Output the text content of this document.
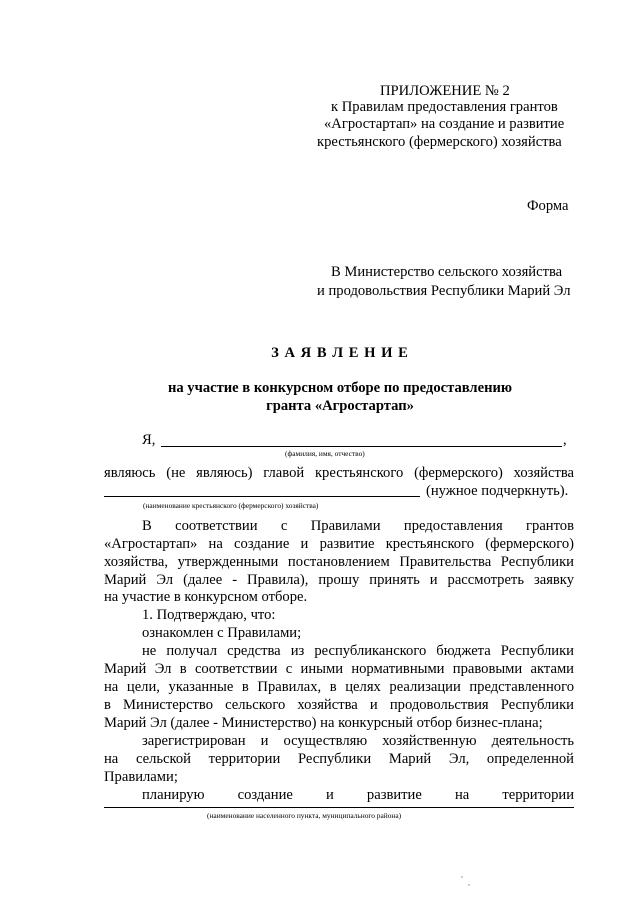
ПРИЛОЖЕНИЕ № 2
к Правилам предоставления грантов
«Агростартап» на создание и развитие
крестьянского (фермерского) хозяйства
Форма
В Министерство сельского хозяйства
и продовольствия Республики Марий Эл
З А Я В Л Е Н И Е
на участие в конкурсном отборе по предоставлению
гранта «Агростартап»
Я,	,
(фамилия, имя, отчество)
являюсь (не являюсь) главой крестьянского (фермерского) хозяйства
(нужное подчеркнуть).
(наименование крестьянского (фермерского) хозяйства)
В соответствии с Правилами предоставления грантов
«Агростартап» на создание и развитие крестьянского (фермерского)
хозяйства, утвержденными постановлением Правительства Республики
Марий Эл (далее - Правила), прошу принять и рассмотреть заявку
на участие в конкурсном отборе.
1. Подтверждаю, что:
ознакомлен с Правилами;
не получал средства из республиканского бюджета Республики
Марий Эл в соответствии с иными нормативными правовыми актами
на цели, указанные в Правилах, в целях реализации представленного
в Министерство сельского хозяйства и продовольствия Республики
Марий Эл (далее - Министерство) на конкурсный отбор бизнес-плана;
зарегистрирован и осуществляю хозяйственную деятельность
на сельской территории Республики Марий Эл, определенной
Правилами;
планирую создание и развитие на территории
(наименование населенного пункта, муниципального района)
